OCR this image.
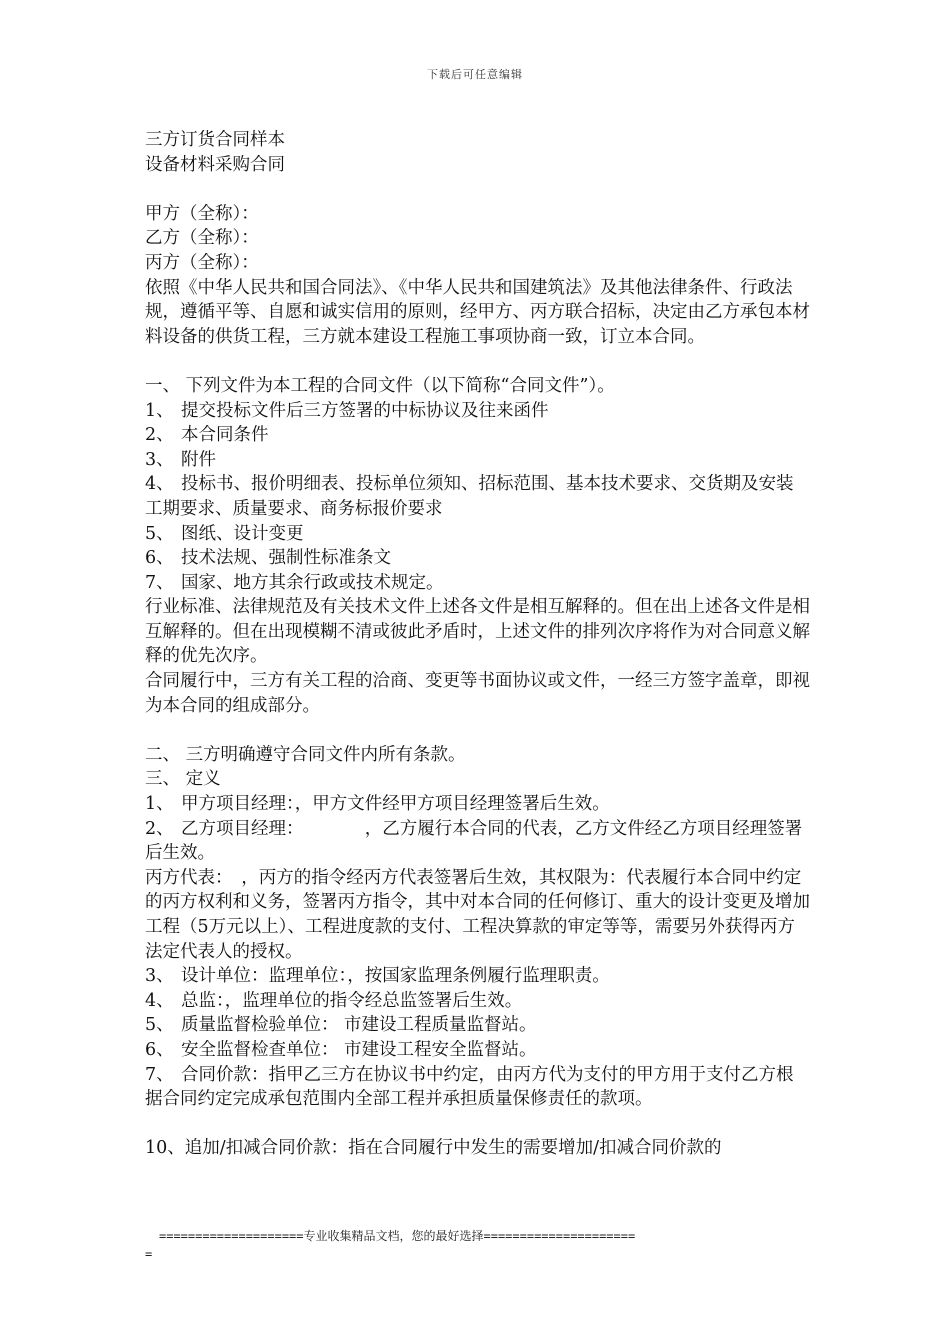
下载后可任意编辑

三方订货合同样本

设备材料采购合同

甲方（全称）：

乙方（全称）：

丙方（全称）：

依照《中华人民共和国合同法》、《中华人民共和国建筑法》及其他法律条件、行政法规，遵循平等、自愿和诚实信用的原则，经甲方、丙方联合招标，决定由乙方承包本材料设备的供货工程，三方就本建设工程施工事项协商一致，订立本合同。

一、 下列文件为本工程的合同文件（以下简称“合同文件”）。

1、 提交投标文件后三方签署的中标协议及往来函件

2、 本合同条件

3、 附件

4、 投标书、报价明细表、投标单位须知、招标范围、基本技术要求、交货期及安装工期要求、质量要求、商务标报价要求

5、 图纸、设计变更

6、 技术法规、强制性标准条文

7、 国家、地方其余行政或技术规定。

行业标准、法律规范及有关技术文件上述各文件是相互解释的。但在出上述各文件是相互解释的。但在出现模糊不清或彼此矛盾时，上述文件的排列次序将作为对合同意义解释的优先次序。

合同履行中，三方有关工程的洽商、变更等书面协议或文件，一经三方签字盖章，即视为本合同的组成部分。

二、 三方明确遵守合同文件内所有条款。

三、 定义

1、 甲方项目经理：，甲方文件经甲方项目经理签署后生效。

2、 乙方项目经理：　　　　，乙方履行本合同的代表，乙方文件经乙方项目经理签署后生效。

丙方代表：　，丙方的指令经丙方代表签署后生效，其权限为：代表履行本合同中约定的丙方权利和义务，签署丙方指令，其中对本合同的任何修订、重大的设计变更及增加工程（5万元以上）、工程进度款的支付、工程决算款的审定等等，需要另外获得丙方法定代表人的授权。

3、 设计单位：监理单位：，按国家监理条例履行监理职责。

4、 总监：，监理单位的指令经总监签署后生效。

5、 质量监督检验单位： 市建设工程质量监督站。

6、 安全监督检查单位： 市建设工程安全监督站。

7、 合同价款：指甲乙三方在协议书中约定，由丙方代为支付的甲方用于支付乙方根据合同约定完成承包范围内全部工程并承担质量保修责任的款项。

10、追加/扣减合同价款：指在合同履行中发生的需要增加/扣减合同价款的

====================专业收集精品文档，您的最好选择=====================
=
